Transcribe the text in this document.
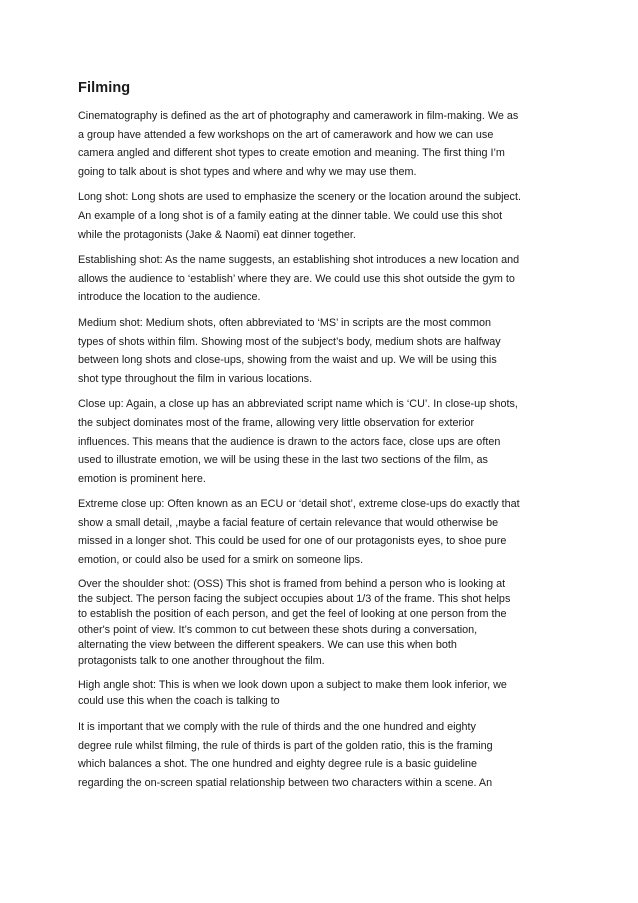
Filming
Cinematography is defined as the art of photography and camerawork in film-making. We as
a group have attended a few workshops on the art of camerawork and how we can use
camera angled and different shot types to create emotion and meaning. The first thing I’m
going to talk about is shot types and where and why we may use them.
Long shot: Long shots are used to emphasize the scenery or the location around the subject.
An example of a long shot is of a family eating at the dinner table. We could use this shot
while the protagonists (Jake & Naomi) eat dinner together.
Establishing shot: As the name suggests, an establishing shot introduces a new location and
allows the audience to ‘establish’ where they are. We could use this shot outside the gym to
introduce the location to the audience.
Medium shot: Medium shots, often abbreviated to ‘MS’ in scripts are the most common
types of shots within film. Showing most of the subject’s body, medium shots are halfway
between long shots and close-ups, showing from the waist and up. We will be using this
shot type throughout the film in various locations.
Close up: Again, a close up has an abbreviated script name which is ‘CU’. In close-up shots,
the subject dominates most of the frame, allowing very little observation for exterior
influences. This means that the audience is drawn to the actors face, close ups are often
used to illustrate emotion, we will be using these in the last two sections of the film, as
emotion is prominent here.
Extreme close up: Often known as an ECU or ‘detail shot’, extreme close-ups do exactly that
show a small detail, ,maybe a facial feature of certain relevance that would otherwise be
missed in a longer shot. This could be used for one of our protagonists eyes, to shoe pure
emotion, or could also be used for a smirk on someone lips.
Over the shoulder shot: (OSS) This shot is framed from behind a person who is looking at
the subject. The person facing the subject occupies about 1/3 of the frame. This shot helps
to establish the position of each person, and get the feel of looking at one person from the
other's point of view. It’s common to cut between these shots during a conversation,
alternating the view between the different speakers. We can use this when both
protagonists talk to one another throughout the film.
High angle shot: This is when we look down upon a subject to make them look inferior, we
could use this when the coach is talking to
It is important that we comply with the rule of thirds and the one hundred and eighty
degree rule whilst filming, the rule of thirds is part of the golden ratio, this is the framing
which balances a shot. The one hundred and eighty degree rule is a basic guideline
regarding the on-screen spatial relationship between two characters within a scene. An
